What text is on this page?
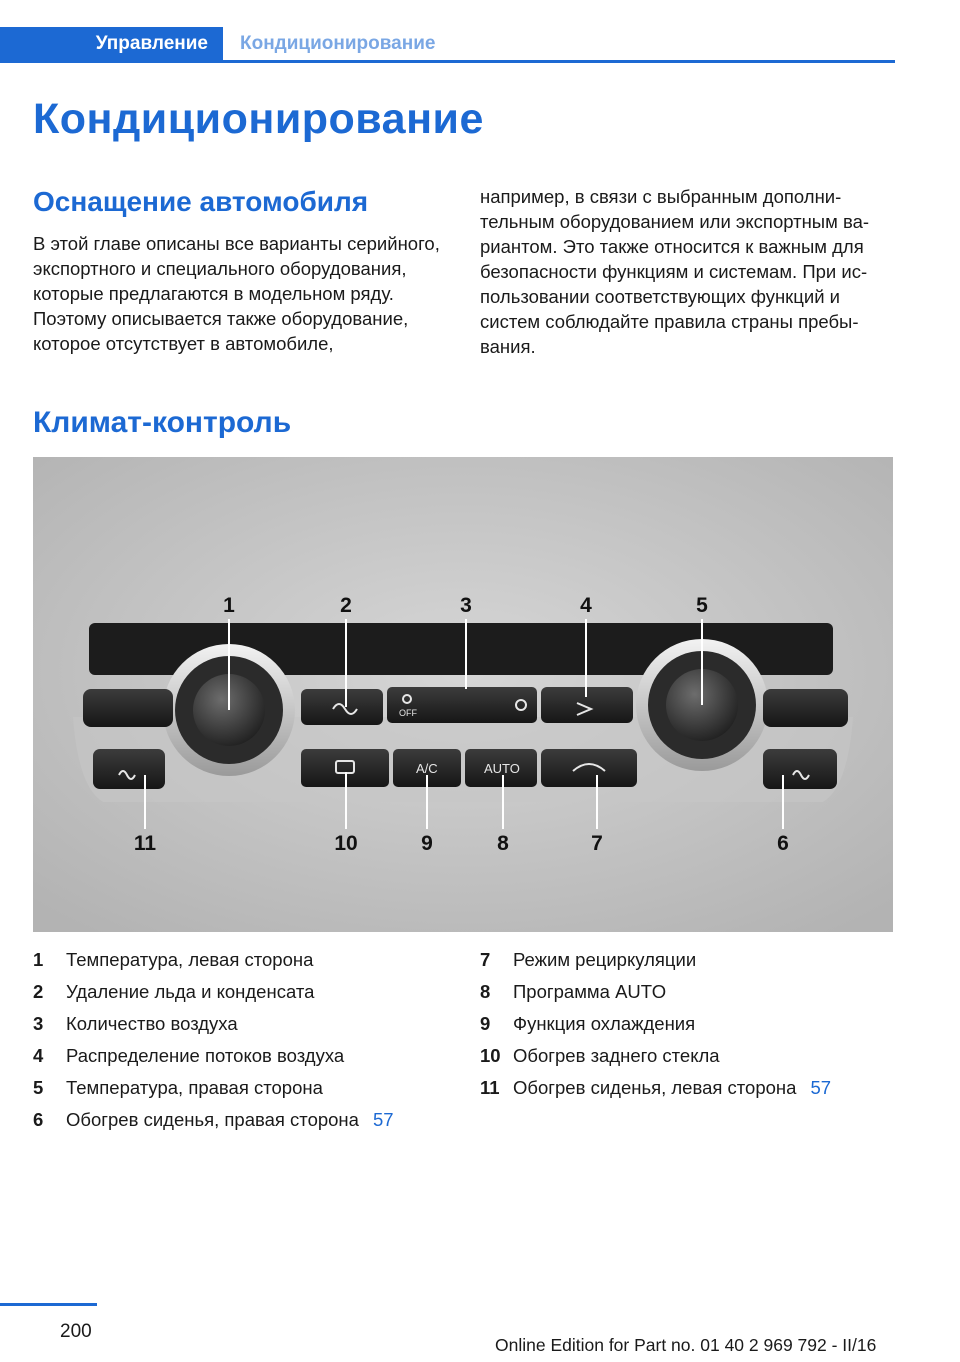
Управление	Кондиционирование
Кондиционирование
Оснащение автомобиля

В этой главе описаны все варианты серийного, экспортного и специального оборудования, которые предлагаются в модельном ряду. Поэтому описывается также оборудование, которое отсутствует в автомобиле,

например, в связи с выбранным дополнительным оборудованием или экспортным вариантом. Это также относится к важным для безопасности функциям и системам. При использовании соответствующих функций и систем соблюдайте правила страны пребывания.

Климат-контроль
OFF
A/C	AUTO
1	2	3	4	5
11	10	9	8	7	6
1	Температура, левая сторона
2	Удаление льда и конденсата
3	Количество воздуха
4	Распределение потоков воздуха
5	Температура, правая сторона
6	Обогрев сиденья, правая сторона 57
7	Режим рециркуляции
8	Программа AUTO
9	Функция охлаждения
10 Обогрев заднего стекла
11 Обогрев сиденья, левая сторона 57
200
Online Edition for Part no. 01 40 2 969 792 - II/16
